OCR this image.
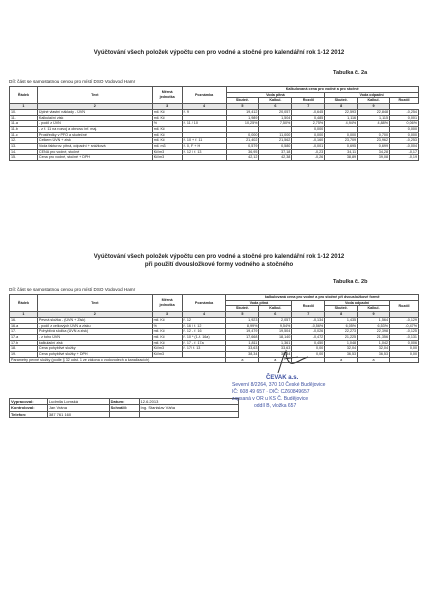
Vyúčtování všech položek výpočtu cen pro vodné a stočné pro kalendářní rok 1-12 2012
Tabulka č. 2a
Díl: část se samostatnou cenou pro místí DSO Vodovod Hamr
Řádek	Text	Měrná jednotka	Poznámka	Kalkulovaná cena pro vodné a pro stočné					
				Voda pitná			Voda odpadní		
				Skuteč.	Kalkul.	Rozdíl	Skuteč.	Kalkul.	Rozdíl
1	2	3	4	5	6	7	8	9
10.	Úplné vlastní náklady - ÚVN	mil. Kč	ř. 9	19,412	20,057	-0,645	22,593	22,848	-0,254
11.	Kalkulační zisk	mil. Kč		1,989	1,504	0,485	1,116	1,115	0,001
11.a	- podíl z ÚVN	%	ř. 11 / 10	10,25%	7,50%	2,75%	4,94%	4,88%	0,06%
11.b	- z ř. 11 na rozvoj a obnovu inf. maj.	mil. Kč				0,000			0,000
11.c	Prostředky v PFO a skutečné	mil. Kč		0,000	11,000	0,000	0,000	0,700	0,000
12.	Celkem ÚVN + zisk	mil. Kč	ř. 10 + ř. 11	21,402	21,562	-0,160	23,709	23,962	-0,253
13.	Voda fakturov. pitná, odpadní + srážková	mil. m3	ř. 0, F + H	0,579	0,580	-0,001	0,695	0,699	-0,004
14.	CENA pro vodné, stočné	Kč/m3	ř. 12 / ř. 13	36,95	37,18	-0,23	34,11	34,28	-0,17
15.	Cena pro vodné, stočné + DPH	Kč/m3		42,12	42,38	-0,26	38,89	39,08	-0,19
Vyúčtování všech položek výpočtu cen pro vodné a stočné pro kalendářní rok 1-12 2012
při použití dvousložkové formy vodného a stočného
Tabulka č. 2b
Díl: část se samostatnou cenou pro místí DSO Vodovod Hamr
Řádek	Text	Měrná jednotka	Poznámka	kalkulovaná cena pro vodné a pro stočné při dvousložkové formě					
				Voda pitná		Rozdíl	Voda odpadní		Rozdíl
				Skuteč.	Kalkul.		Skuteč.	Kalkul.	
1	2	3	4	5	6	7	8	9	
16.	Pevná složka - (ÚVN + Zisk)	mil. Kč	ř. 12	1,923	2,057	-0,134	1,435	1,564	-0,129
16.a	- podíl z celkových ÚVN a zisku	%	ř. 16 / ř. 12	8,99%	9,54%	-0,56%	6,05%	6,53%	-0,47%
17.	Pohyblivá složka (ÚVN a zisk)	mil. Kč	ř. 12 - ř. 16	19,479	19,504	-0,026	22,273	22,398	-0,125
17.a	- z toho ÚVN	mil. Kč	ř. 10 * (1-ř. 16a)	17,668	18,140	-0,472	21,225	21,356	-0,131
17.b	kalkulační zisk	mil. Kč	ř. 17 - ř. 17a	1,811	1,361	0,450	1,048	1,042	0,006
18.	Cena pohyblivé složky	Kč/m3	ř. 17/ ř. 13	33,63	33,63	0,00	32,04	32,04	0,00
19.	Cena pohyblivé složky + DPH	Kč/m3		38,34	38,34	0,00	36,53	36,53	0,00
Parametry pevné složky (podle § 32 odst. 1 ze zákona o vodovodech a kanalizacích)				a	a		a	a	
Vypracoval:	Ludmila Lomská	Datum:	12.6.2013
Kontroloval:	Jan Vrána	Schválil:	Ing. Stanislav Váňa
Telefon:	387 761 160		
ČEVAK a.s.
Severní 8/2264, 370 10 České Budějovice
IČ: 608 49 657 · DIČ: CZ60849657
zapsaná v OR u KS Č. Budějovice
oddíl B, vložka 657
